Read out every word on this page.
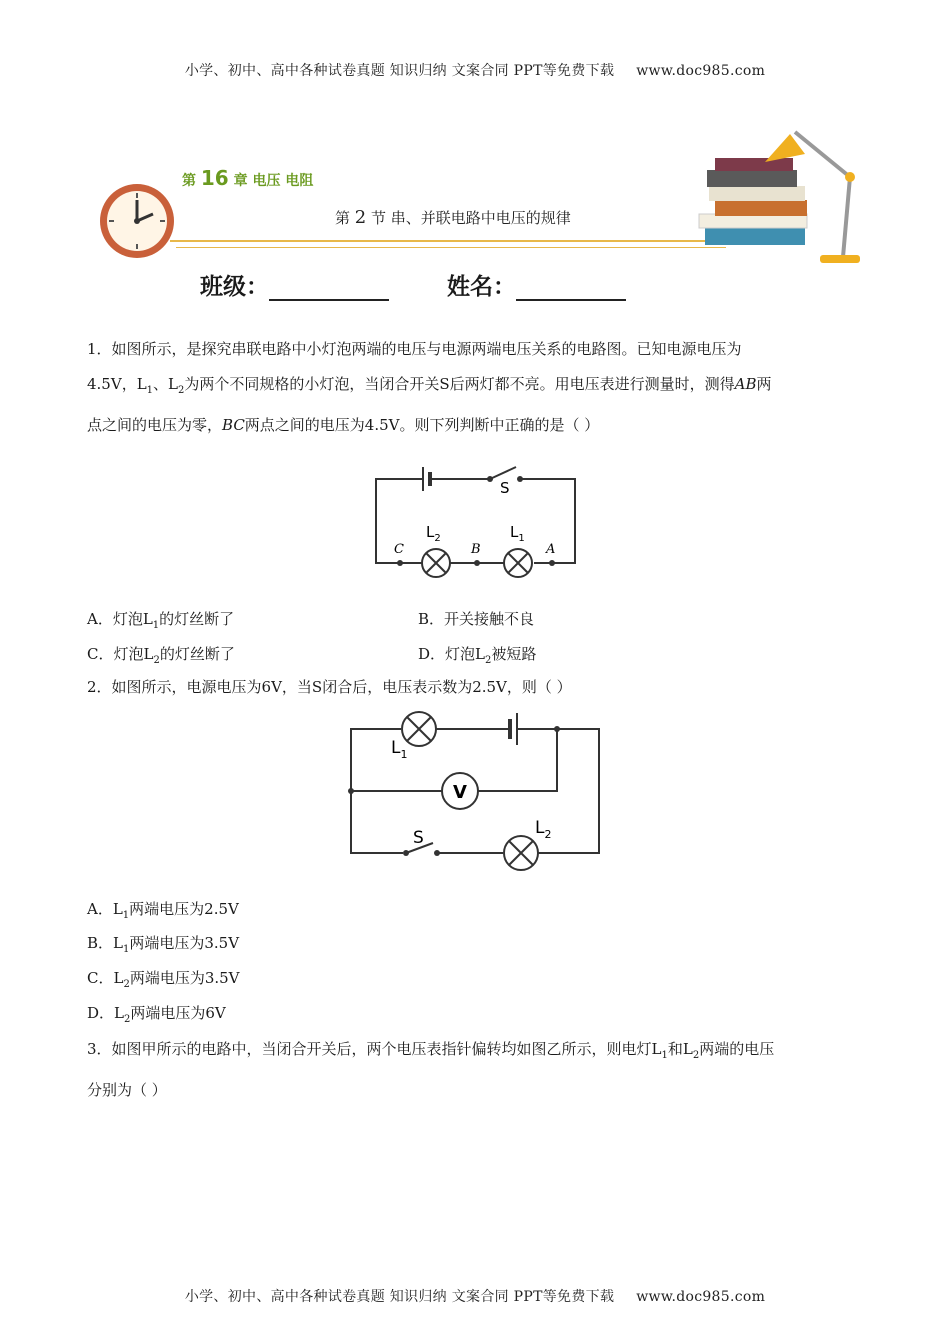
小学、初中、高中各种试卷真题 知识归纳 文案合同 PPT等免费下载 www.doc985.com
第 16 章 电压 电阻
第 2 节 串、并联电路中电压的规律
班级：	姓名：
1．如图所示，是探究串联电路中小灯泡两端的电压与电源两端电压关系的电路图。已知电源电压为
4.5V，$L_1$、$L_2$为两个不同规格的小灯泡，当闭合开关S后两灯都不亮。用电压表进行测量时，测得AB两
点之间的电压为零，BC两点之间的电压为4.5V。则下列判断中正确的是（ ）
S
$L_2$	$L_1$
C	B	A
A．灯泡$L_1$的灯丝断了	B．开关接触不良
C．灯泡$L_2$的灯丝断了	D．灯泡$L_2$被短路
2．如图所示，电源电压为6V，当S闭合后，电压表示数为2.5V，则（ ）
V
$L_1$
S	$L_2$
A．$L_1$两端电压为2.5V
B．$L_1$两端电压为3.5V
C．$L_2$两端电压为3.5V
D．$L_2$两端电压为6V
3．如图甲所示的电路中，当闭合开关后，两个电压表指针偏转均如图乙所示，则电灯$L_1$和$L_2$两端的电压
分别为（ ）
小学、初中、高中各种试卷真题 知识归纳 文案合同 PPT等免费下载 www.doc985.com
